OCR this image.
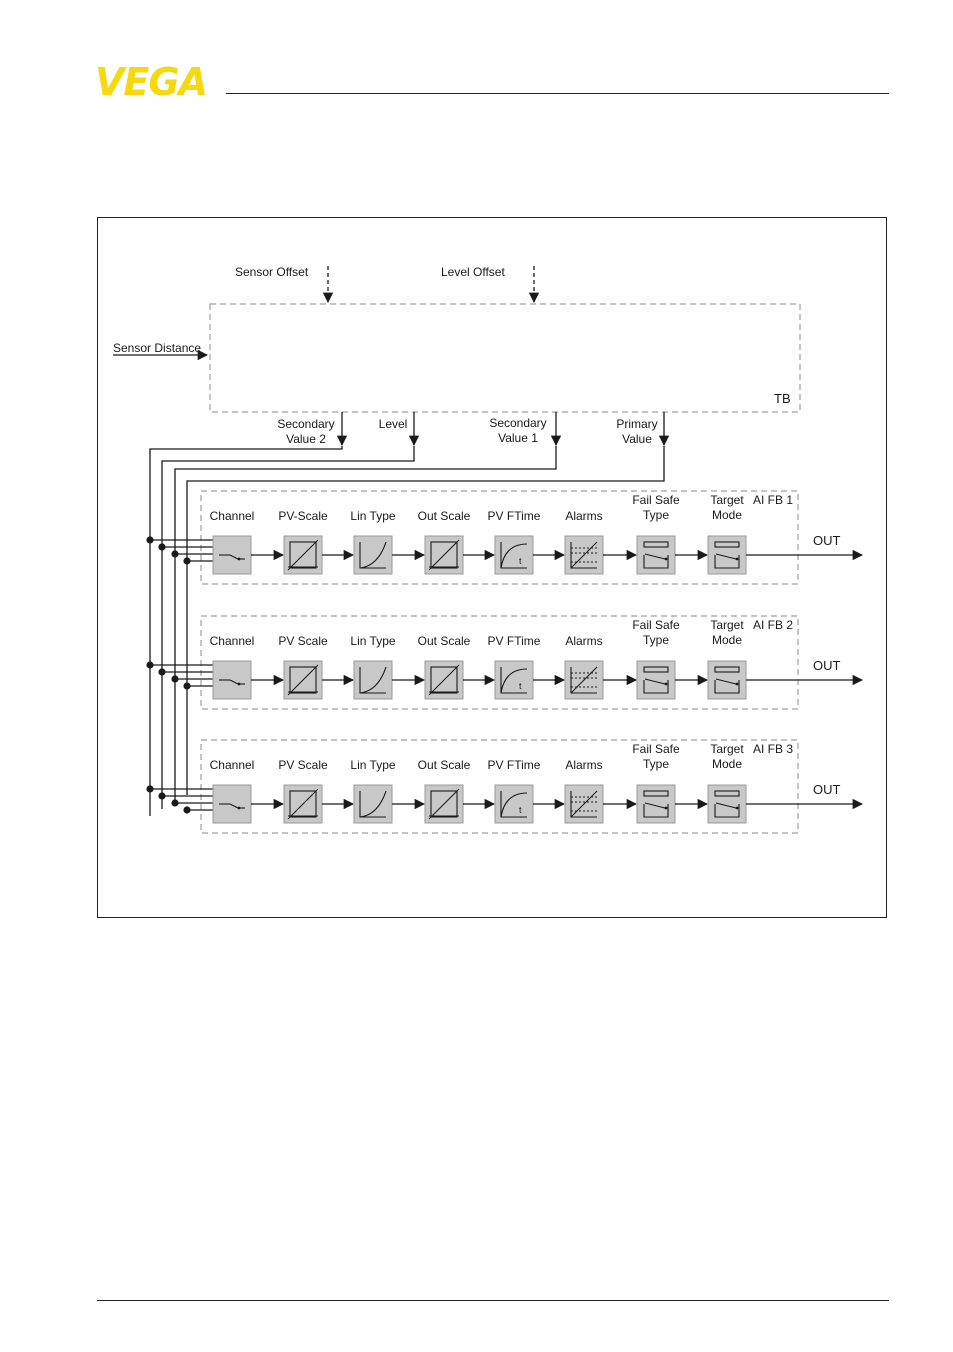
VEGA
Sensor Offset	Level Offset
TB
Sensor Distance
Secondary
Value 2
Level	Secondary
Value 1
Primary
Value
AI FB 1
Channel PV-Scale Lin Type Out Scale PV FTime
t
Alarms
Fail Safe
Type
Target
Mode
OUT
AI FB 2
Channel PV Scale Lin Type Out Scale PV FTime
t
Alarms
Fail Safe
Type
Target
Mode
OUT
AI FB 3
Channel PV Scale Lin Type Out Scale PV FTime
t
Alarms
Fail Safe
Type
Target
Mode
OUT
